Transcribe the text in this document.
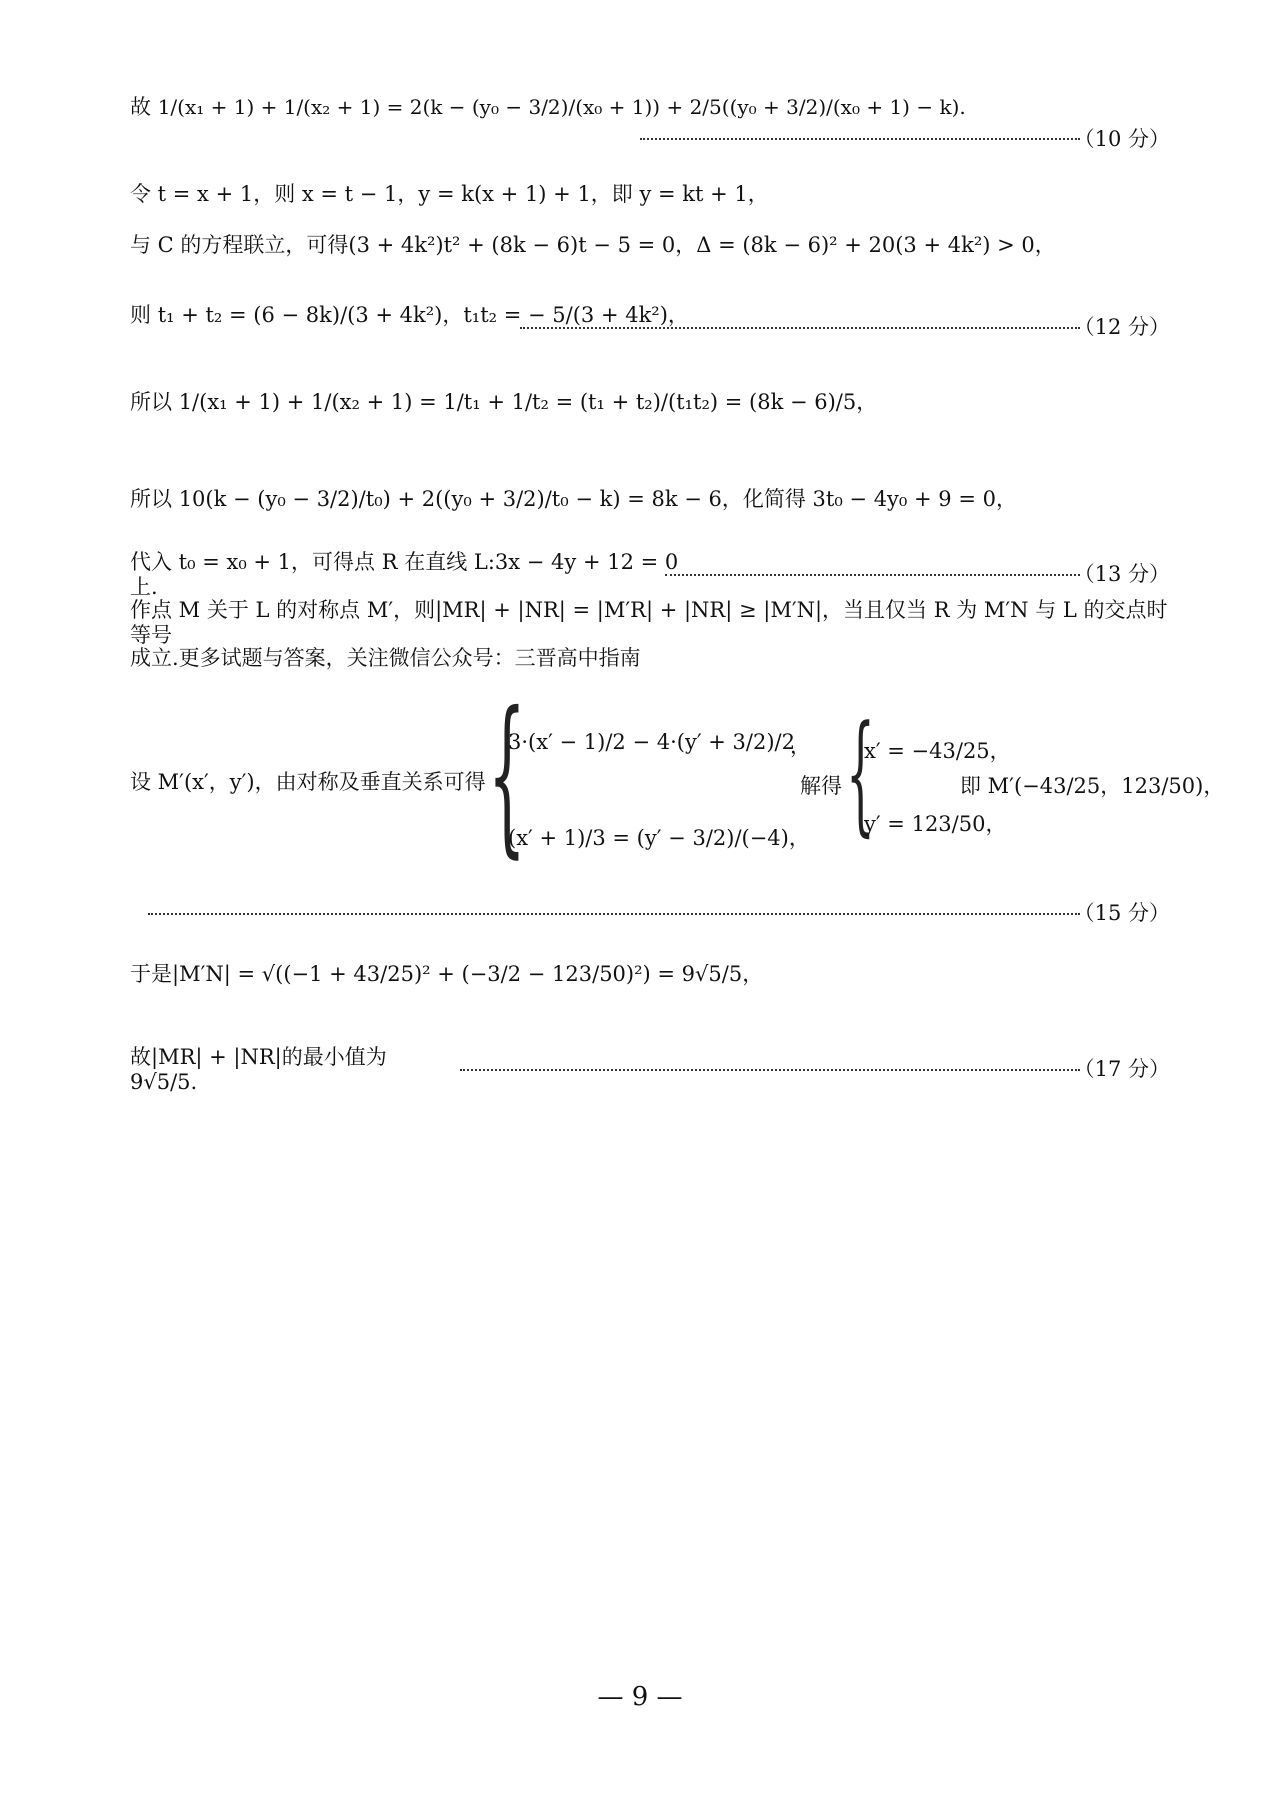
故 1/(x₁ + 1) + 1/(x₂ + 1) = 2(k − (y₀ − 3/2)/(x₀ + 1)) + 2/5((y₀ + 3/2)/(x₀ + 1) − k).
（10 分）
令 t = x + 1，则 x = t − 1，y = k(x + 1) + 1，即 y = kt + 1，
与 C 的方程联立，可得(3 + 4k²)t² + (8k − 6)t − 5 = 0，Δ = (8k − 6)² + 20(3 + 4k²) > 0，
则 t₁ + t₂ = (6 − 8k)/(3 + 4k²)，t₁t₂ = − 5/(3 + 4k²)，	（12 分）
所以 1/(x₁ + 1) + 1/(x₂ + 1) = 1/t₁ + 1/t₂ = (t₁ + t₂)/(t₁t₂) = (8k − 6)/5，
所以 10(k − (y₀ − 3/2)/t₀) + 2((y₀ + 3/2)/t₀ − k) = 8k − 6，化简得 3t₀ − 4y₀ + 9 = 0，
代入 t₀ = x₀ + 1，可得点 R 在直线 L:3x − 4y + 12 = 0 上.
（13 分）
作点 M 关于 L 的对称点 M′，则|MR| + |NR| = |M′R| + |NR| ≥ |M′N|，当且仅当 R 为 M′N 与 L 的交点时等号
成立.更多试题与答案，关注微信公众号：三晋高中指南
设 M′(x′，y′)，由对称及垂直关系可得 {
3·(x′ − 1)/2 − 4·(y′ + 3/2)/2
，
(x′ + 1)/3 = (y′ − 3/2)/(−4)，
解得 {
x′ = −43/25，
y′ = 123/50，
即 M′(−43/25，123/50)，
（15 分）
于是|M′N| = √((−1 + 43/25)² + (−3/2 − 123/50)²) = 9√5/5，
故|MR| + |NR|的最小值为 9√5/5.
（17 分）
— 9 —
